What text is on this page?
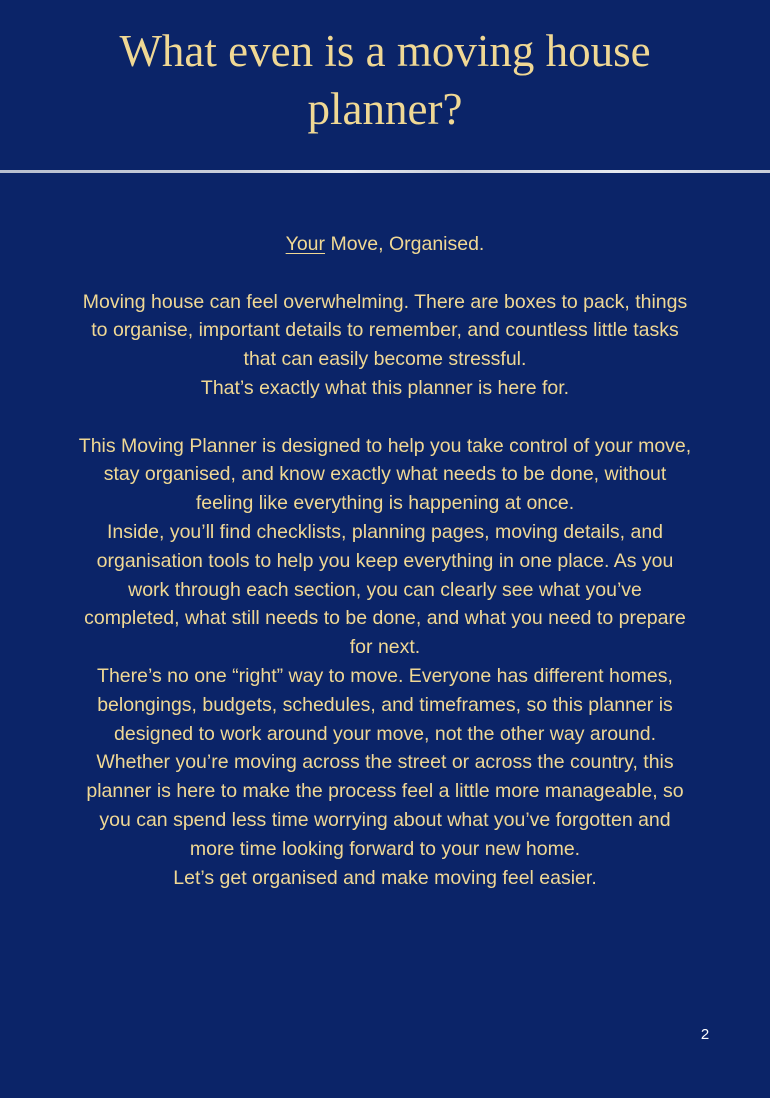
What even is a moving house planner?

Your Move, Organised.

Moving house can feel overwhelming. There are boxes to pack, things to organise, important details to remember, and countless little tasks that can easily become stressful.

That’s exactly what this planner is here for.

This Moving Planner is designed to help you take control of your move, stay organised, and know exactly what needs to be done, without feeling like everything is happening at once.

Inside, you’ll find checklists, planning pages, moving details, and organisation tools to help you keep everything in one place. As you work through each section, you can clearly see what you’ve completed, what still needs to be done, and what you need to prepare for next.

There’s no one “right” way to move. Everyone has different homes, belongings, budgets, schedules, and timeframes, so this planner is designed to work around your move, not the other way around.

Whether you’re moving across the street or across the country, this planner is here to make the process feel a little more manageable, so you can spend less time worrying about what you’ve forgotten and more time looking forward to your new home.

Let’s get organised and make moving feel easier.

2
